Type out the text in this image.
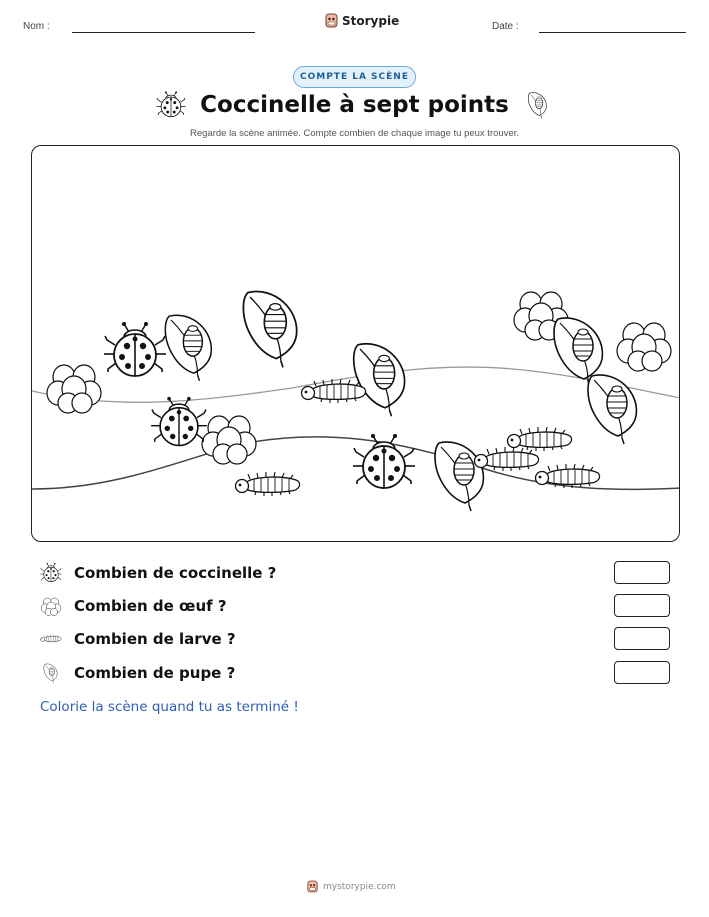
Nom :	Storypie	Date :
COMPTE LA SCÈNE
Coccinelle à sept points
Regarde la scène animée. Compte combien de chaque image tu peux trouver.
Combien de coccinelle ?
Combien de œuf ?
Combien de larve ?
Combien de pupe ?
Colorie la scène quand tu as terminé !
mystorypie.com
